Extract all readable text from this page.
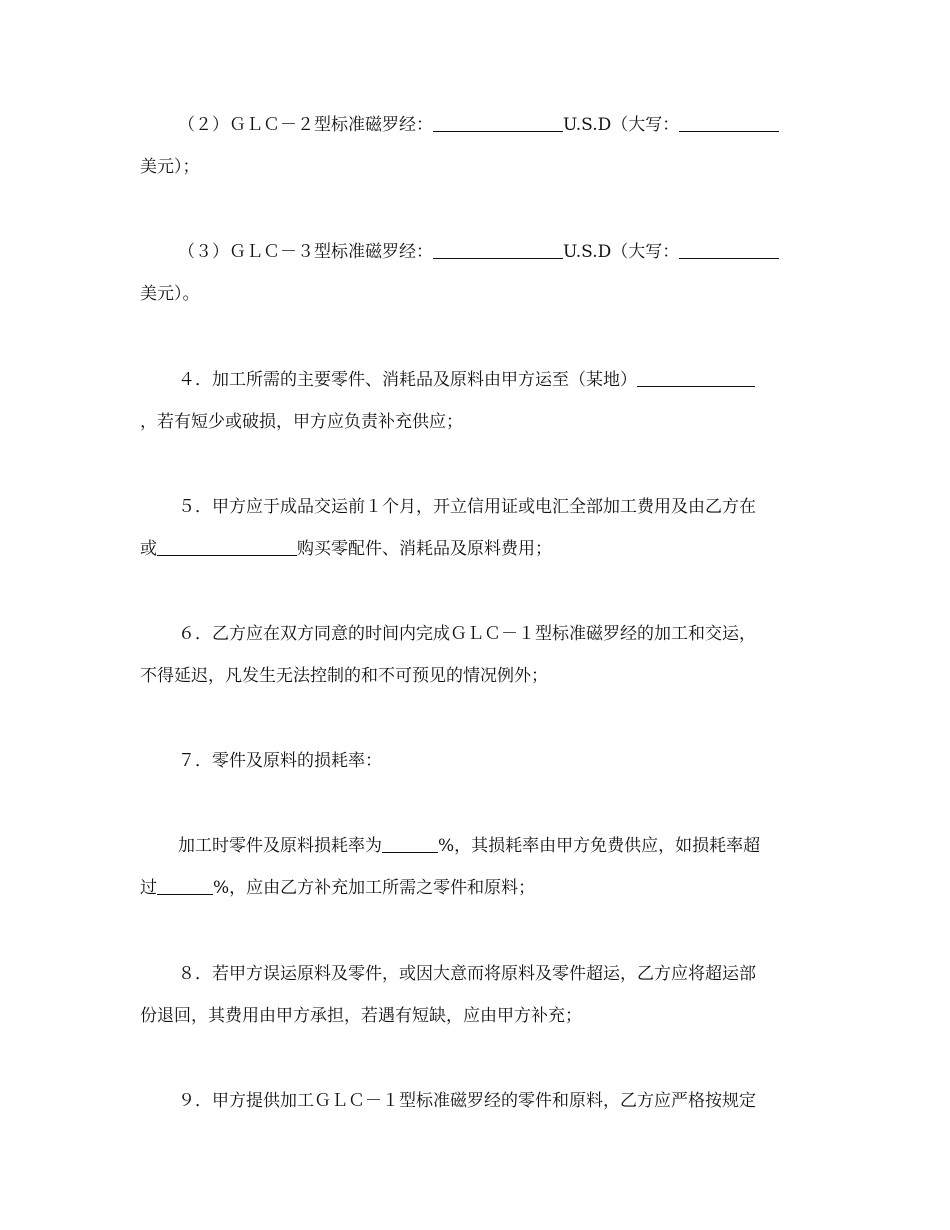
（２）ＧＬＣ－２型标准磁罗经：	U.S.D（大写：
美元）；
（３）ＧＬＣ－３型标准磁罗经：	U.S.D（大写：
美元）。
４．加工所需的主要零件、消耗品及原料由甲方运至（某地）
，若有短少或破损，甲方应负责补充供应；
５．甲方应于成品交运前１个月，开立信用证或电汇全部加工费用及由乙方在
或	购买零配件、消耗品及原料费用；
６．乙方应在双方同意的时间内完成ＧＬＣ－１型标准磁罗经的加工和交运，
不得延迟，凡发生无法控制的和不可预见的情况例外；
７．零件及原料的损耗率：
加工时零件及原料损耗率为	%，其损耗率由甲方免费供应，如损耗率超
过	%，应由乙方补充加工所需之零件和原料；
８．若甲方误运原料及零件，或因大意而将原料及零件超运，乙方应将超运部
份退回，其费用由甲方承担，若遇有短缺，应由甲方补充；
９．甲方提供加工ＧＬＣ－１型标准磁罗经的零件和原料，乙方应严格按规定
